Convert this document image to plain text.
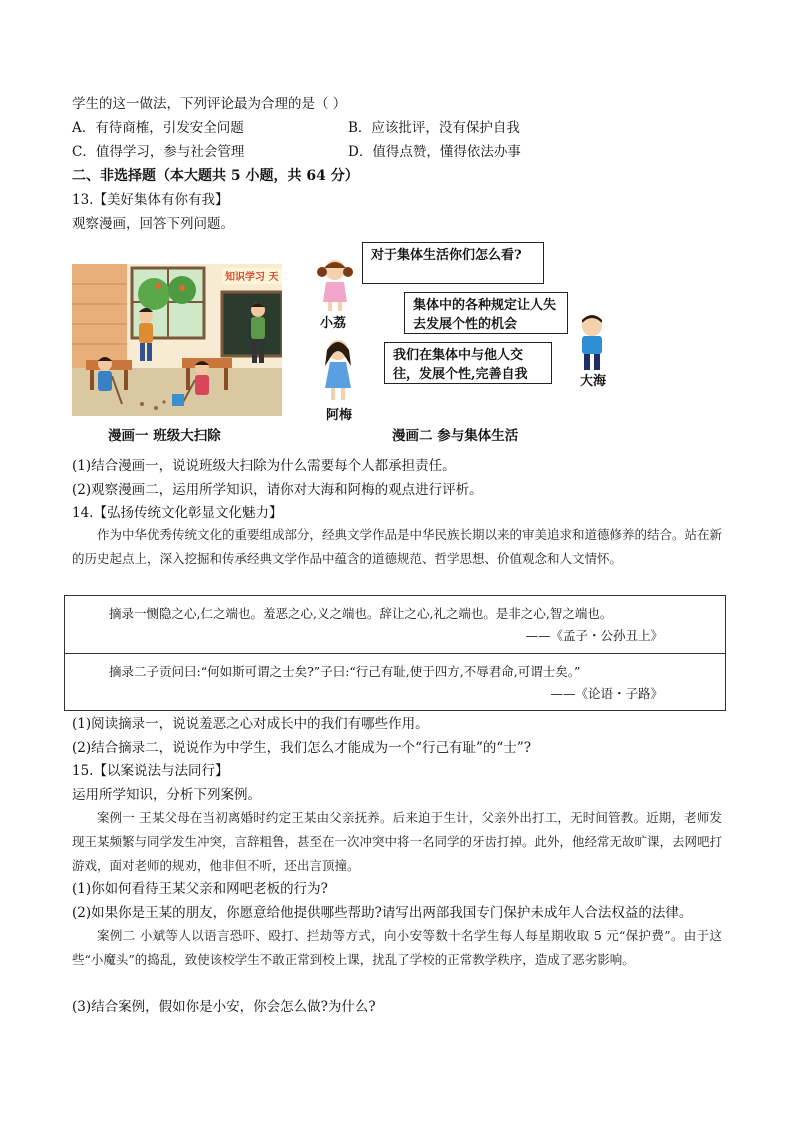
学生的这一做法，下列评论最为合理的是（ ）
A．有待商榷，引发安全问题	B．应该批评，没有保护自我
C．值得学习，参与社会管理	D．值得点赞，懂得依法办事
二、非选择题（本大题共 5 小题，共 64 分）
13.【美好集体有你有我】
观察漫画，回答下列问题。
知识学习 天
漫画一 班级大扫除
小荔
对于集体生活你们怎么看?
集体中的各种规定让人失去发展个性的机会
大海
阿梅
我们在集体中与他人交往，发展个性,完善自我
漫画二 参与集体生活
(1)结合漫画一，说说班级大扫除为什么需要每个人都承担责任。
(2)观察漫画二，运用所学知识，请你对大海和阿梅的观点进行评析。
14.【弘扬传统文化彰显文化魅力】
作为中华优秀传统文化的重要组成部分，经典文学作品是中华民族长期以来的审美追求和道德修养的结合。站在新的历史起点上，深入挖掘和传承经典文学作品中蕴含的道德规范、哲学思想、价值观念和人文情怀。
摘录一恻隐之心,仁之端也。羞恶之心,义之端也。辞让之心,礼之端也。是非之心,智之端也。
——《孟子・公孙丑上》
摘录二子贡问曰:“何如斯可谓之士矣?”子曰:“行己有耻,使于四方,不辱君命,可谓士矣。”
——《论语・子路》
(1)阅读摘录一，说说羞恶之心对成长中的我们有哪些作用。
(2)结合摘录二，说说作为中学生，我们怎么才能成为一个“行己有耻”的“士”?
15.【以案说法与法同行】
运用所学知识，分析下列案例。
案例一 王某父母在当初离婚时约定王某由父亲抚养。后来迫于生计，父亲外出打工，无时间管教。近期，老师发现王某频繁与同学发生冲突，言辞粗鲁，甚至在一次冲突中将一名同学的牙齿打掉。此外，他经常无故旷课，去网吧打游戏，面对老师的规劝，他非但不听，还出言顶撞。
(1)你如何看待王某父亲和网吧老板的行为?
(2)如果你是王某的朋友，你愿意给他提供哪些帮助?请写出两部我国专门保护未成年人合法权益的法律。
案例二 小斌等人以语言恐吓、殴打、拦劫等方式，向小安等数十名学生每人每星期收取 5 元“保护费”。由于这些“小魔头”的捣乱，致使该校学生不敢正常到校上课，扰乱了学校的正常教学秩序，造成了恶劣影响。
(3)结合案例，假如你是小安，你会怎么做?为什么?
